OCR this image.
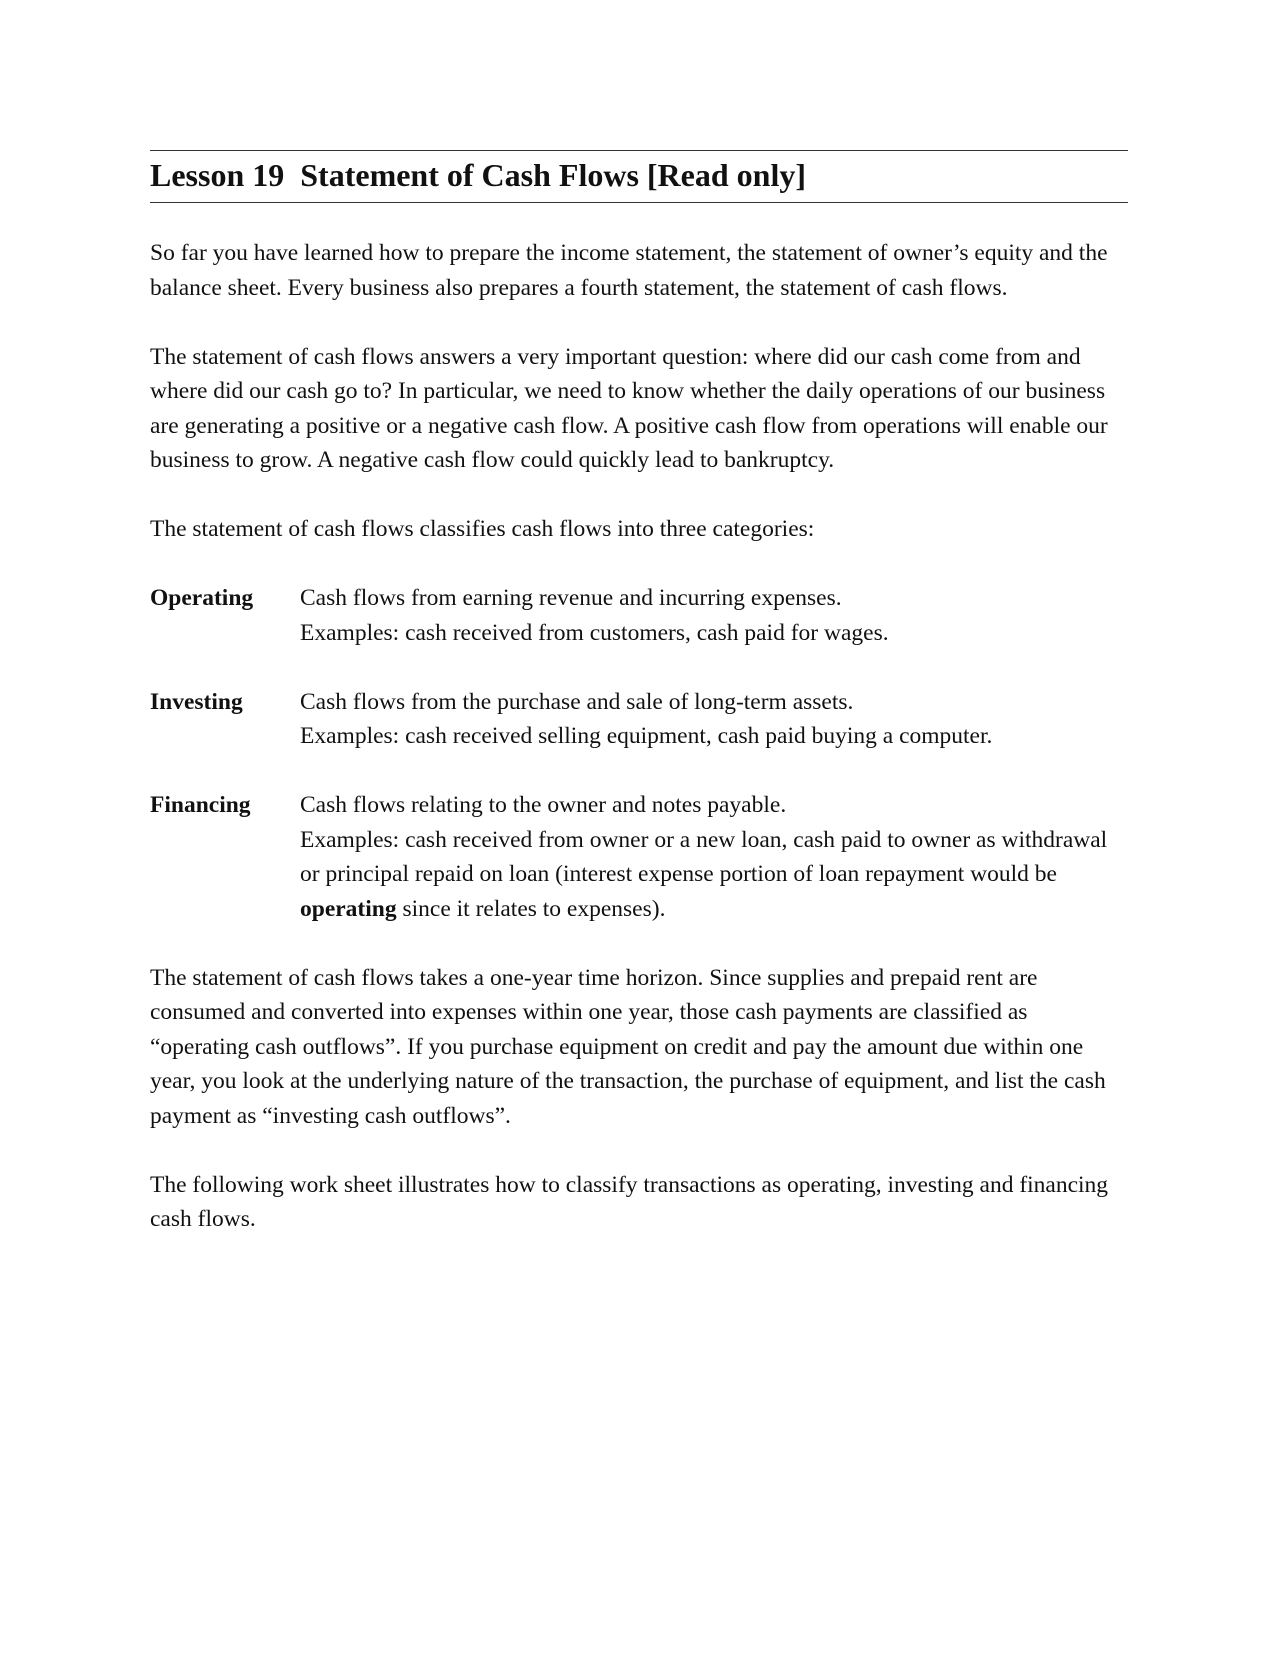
Lesson 19  Statement of Cash Flows [Read only]

So far you have learned how to prepare the income statement, the statement of owner’s equity and the balance sheet. Every business also prepares a fourth statement, the statement of cash flows.

The statement of cash flows answers a very important question: where did our cash come from and where did our cash go to? In particular, we need to know whether the daily operations of our business are generating a positive or a negative cash flow. A positive cash flow from operations will enable our business to grow. A negative cash flow could quickly lead to bankruptcy.

The statement of cash flows classifies cash flows into three categories:

Operating	Cash flows from earning revenue and incurring expenses.
Examples: cash received from customers, cash paid for wages.
Investing	Cash flows from the purchase and sale of long-term assets.
Examples: cash received selling equipment, cash paid buying a computer.
Financing	Cash flows relating to the owner and notes payable.
Examples: cash received from owner or a new loan, cash paid to owner as withdrawal or principal repaid on loan (interest expense portion of loan repayment would be operating since it relates to expenses).

The statement of cash flows takes a one-year time horizon. Since supplies and prepaid rent are consumed and converted into expenses within one year, those cash payments are classified as “operating cash outflows”. If you purchase equipment on credit and pay the amount due within one year, you look at the underlying nature of the transaction, the purchase of equipment, and list the cash payment as “investing cash outflows”.

The following work sheet illustrates how to classify transactions as operating, investing and financing cash flows.
